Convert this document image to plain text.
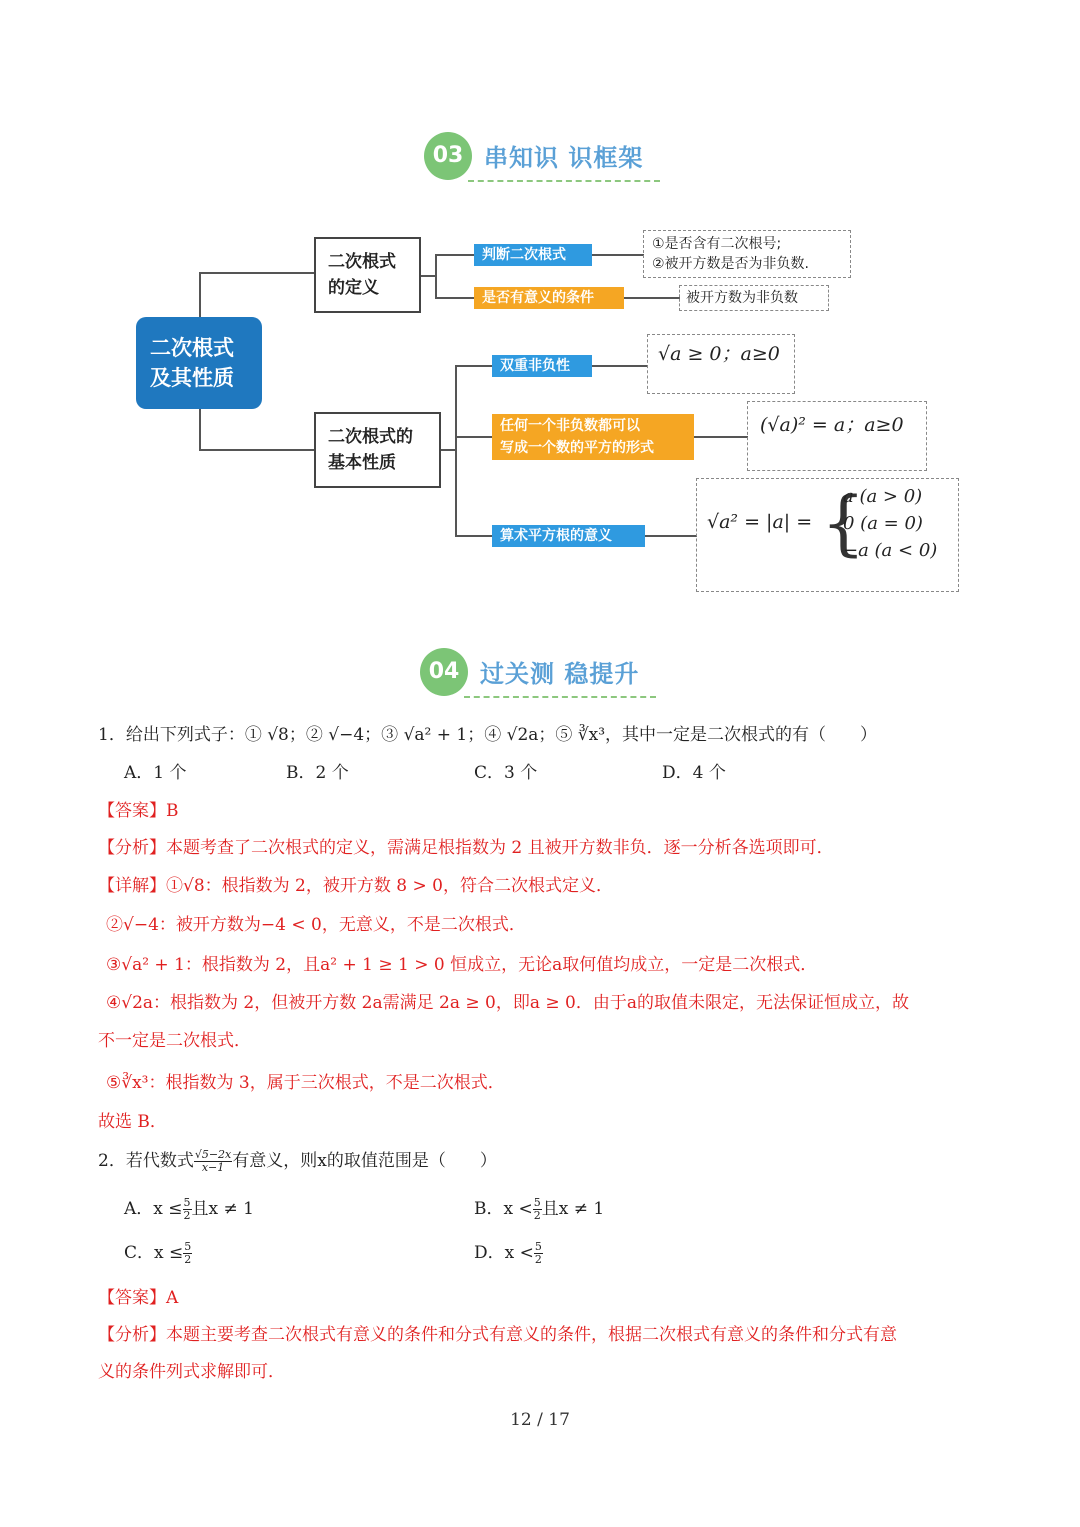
03 串知识 识框架
二次根式
及其性质
二次根式
的定义
二次根式的
基本性质
判断二次根式
是否有意义的条件
①是否含有二次根号;
②被开方数是否为非负数.
被开方数为非负数
双重非负性
任何一个非负数都可以
写成一个数的平方的形式
算术平方根的意义
√a ≥ 0；a≥0
(√a)² = a；a≥0
√a² = |a| = {
a (a > 0)
0 (a = 0)
−a (a < 0)
04 过关测 稳提升
1．给出下列式子：① √8；② √−4；③ √a² + 1；④ √2a；⑤ ∛x³，其中一定是二次根式的有（　　）
A．1 个	B．2 个	C．3 个	D．4 个
【答案】B
【分析】本题考查了二次根式的定义，需满足根指数为 2 且被开方数非负．逐一分析各选项即可．
【详解】①√8：根指数为 2，被开方数 8 > 0，符合二次根式定义．
②√−4：被开方数为−4 < 0，无意义，不是二次根式．
③√a² + 1：根指数为 2，且a² + 1 ≥ 1 > 0 恒成立，无论a取何值均成立，一定是二次根式．
④√2a：根指数为 2，但被开方数 2a需满足 2a ≥ 0，即a ≥ 0．由于a的取值未限定，无法保证恒成立，故
不一定是二次根式．
⑤∛x³：根指数为 3，属于三次根式，不是二次根式．
故选 B．
2．若代数式 $\frac{√5-2x}{x-1}$ 有意义，则x的取值范围是（　　）
A．$x \le \frac{5}{2}$ 且x ≠ 1	B．$x < \frac{5}{2}$ 且x ≠ 1
C．$x \le \frac{5}{2}$	D．$x < \frac{5}{2}$
【答案】A
【分析】本题主要考查二次根式有意义的条件和分式有意义的条件，根据二次根式有意义的条件和分式有意
义的条件列式求解即可．
12 / 17
